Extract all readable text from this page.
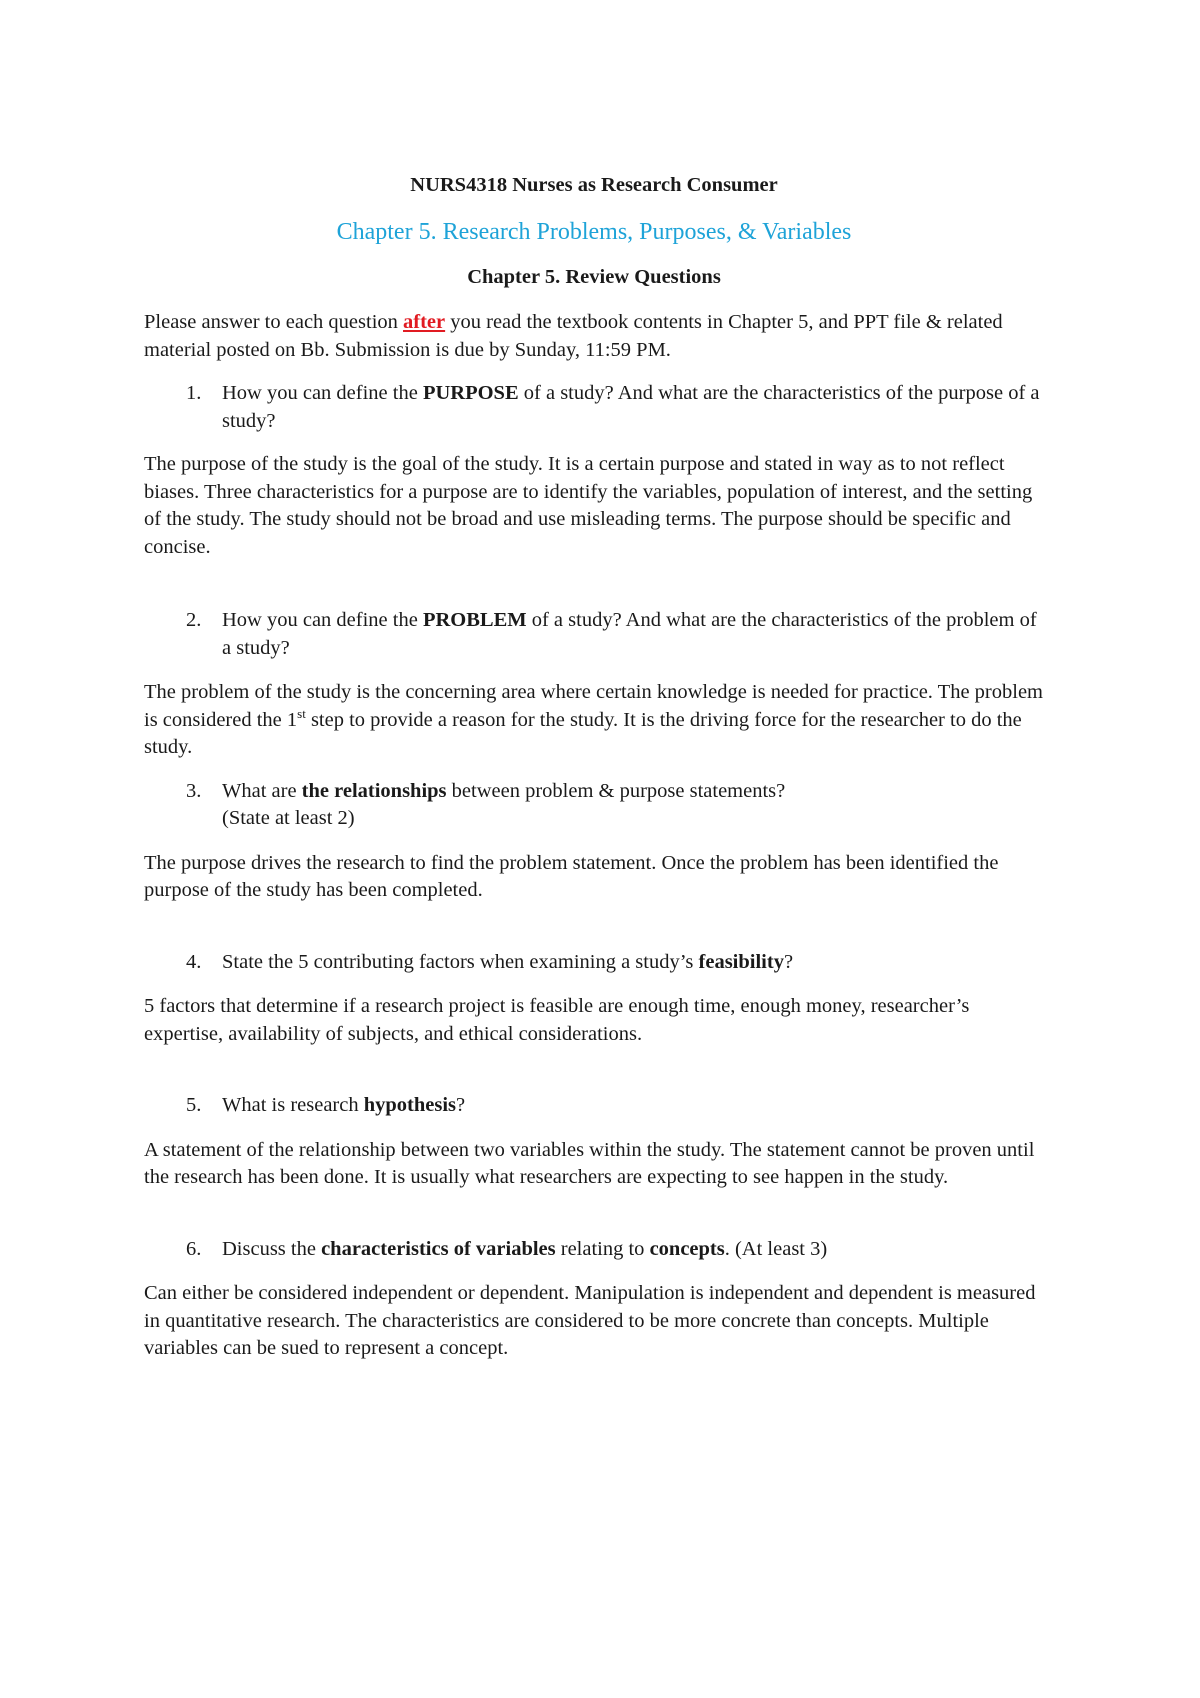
NURS4318 Nurses as Research Consumer

Chapter 5. Research Problems, Purposes, & Variables

Chapter 5. Review Questions

Please answer to each question after you read the textbook contents in Chapter 5, and PPT file & related material posted on Bb. Submission is due by Sunday, 11:59 PM.

1. How you can define the PURPOSE of a study? And what are the characteristics of the purpose of a study?

The purpose of the study is the goal of the study. It is a certain purpose and stated in way as to not reflect biases. Three characteristics for a purpose are to identify the variables, population of interest, and the setting of the study. The study should not be broad and use misleading terms. The purpose should be specific and concise.

2. How you can define the PROBLEM of a study? And what are the characteristics of the problem of a study?

The problem of the study is the concerning area where certain knowledge is needed for practice. The problem is considered the 1st step to provide a reason for the study. It is the driving force for the researcher to do the study.

3. What are the relationships between problem & purpose statements?
(State at least 2)

The purpose drives the research to find the problem statement. Once the problem has been identified the purpose of the study has been completed.

4. State the 5 contributing factors when examining a study’s feasibility?

5 factors that determine if a research project is feasible are enough time, enough money, researcher’s expertise, availability of subjects, and ethical considerations.

5. What is research hypothesis?

A statement of the relationship between two variables within the study. The statement cannot be proven until the research has been done. It is usually what researchers are expecting to see happen in the study.

6. Discuss the characteristics of variables relating to concepts. (At least 3)

Can either be considered independent or dependent. Manipulation is independent and dependent is measured in quantitative research. The characteristics are considered to be more concrete than concepts. Multiple variables can be sued to represent a concept.
